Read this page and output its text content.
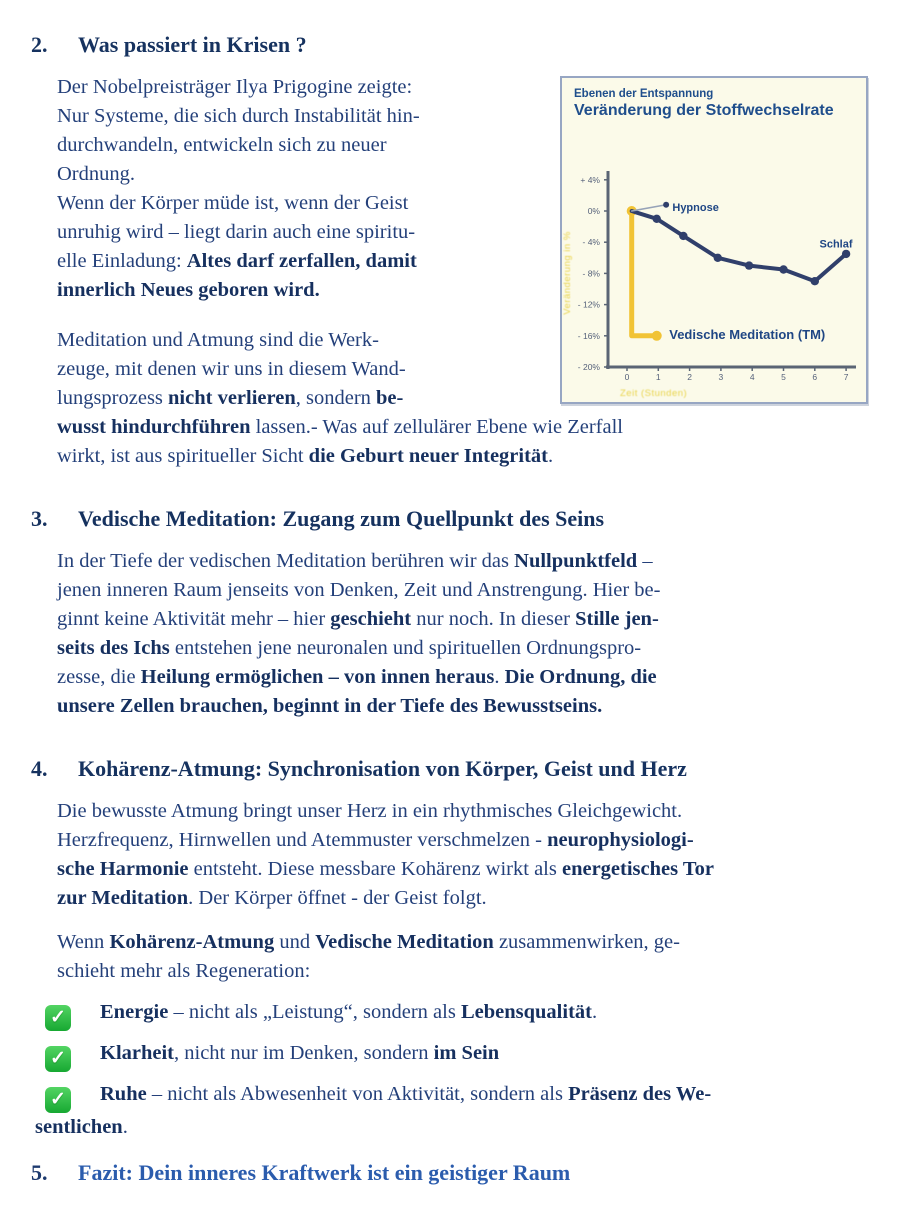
2.	Was passiert in Krisen ?
Ebenen der Entspannung
Veränderung der Stoffwechselrate
+ 4%
0%
- 4%
- 8%
- 12%
- 16%
- 20%
0	1	2	3	4	5	6	7
Hypnose
Schlaf
Vedische Meditation (TM)
Veränderung in %
Zeit (Stunden)
Der Nobelpreisträger Ilya Prigogine zeigte:
Nur Systeme, die sich durch Instabilität hin-
durchwandeln, entwickeln sich zu neuer
Ordnung.
Wenn der Körper müde ist, wenn der Geist
unruhig wird – liegt darin auch eine spiritu-
elle Einladung: Altes darf zerfallen, damit
innerlich Neues geboren wird.
Meditation und Atmung sind die Werk-
zeuge, mit denen wir uns in diesem Wand-
lungsprozess nicht verlieren, sondern be-
wusst hindurchführen lassen.- Was auf zellulärer Ebene wie Zerfall
wirkt, ist aus spiritueller Sicht die Geburt neuer Integrität.
3.	Vedische Meditation: Zugang zum Quellpunkt des Seins
In der Tiefe der vedischen Meditation berühren wir das Nullpunktfeld –
jenen inneren Raum jenseits von Denken, Zeit und Anstrengung. Hier be-
ginnt keine Aktivität mehr – hier geschieht nur noch. In dieser Stille jen-
seits des Ichs entstehen jene neuronalen und spirituellen Ordnungspro-
zesse, die Heilung ermöglichen – von innen heraus. Die Ordnung, die
unsere Zellen brauchen, beginnt in der Tiefe des Bewusstseins.
4.	Kohärenz-Atmung: Synchronisation von Körper, Geist und Herz
Die bewusste Atmung bringt unser Herz in ein rhythmisches Gleichgewicht.
Herzfrequenz, Hirnwellen und Atemmuster verschmelzen - neurophysiologi-
sche Harmonie entsteht. Diese messbare Kohärenz wirkt als energetisches Tor
zur Meditation. Der Körper öffnet - der Geist folgt.
Wenn Kohärenz-Atmung und Vedische Meditation zusammenwirken, ge-
schieht mehr als Regeneration:
✓ Energie – nicht als „Leistung“, sondern als Lebensqualität.
✓ Klarheit, nicht nur im Denken, sondern im Sein
✓ Ruhe – nicht als Abwesenheit von Aktivität, sondern als Präsenz des We-
sentlichen.
5.	Fazit: Dein inneres Kraftwerk ist ein geistiger Raum
